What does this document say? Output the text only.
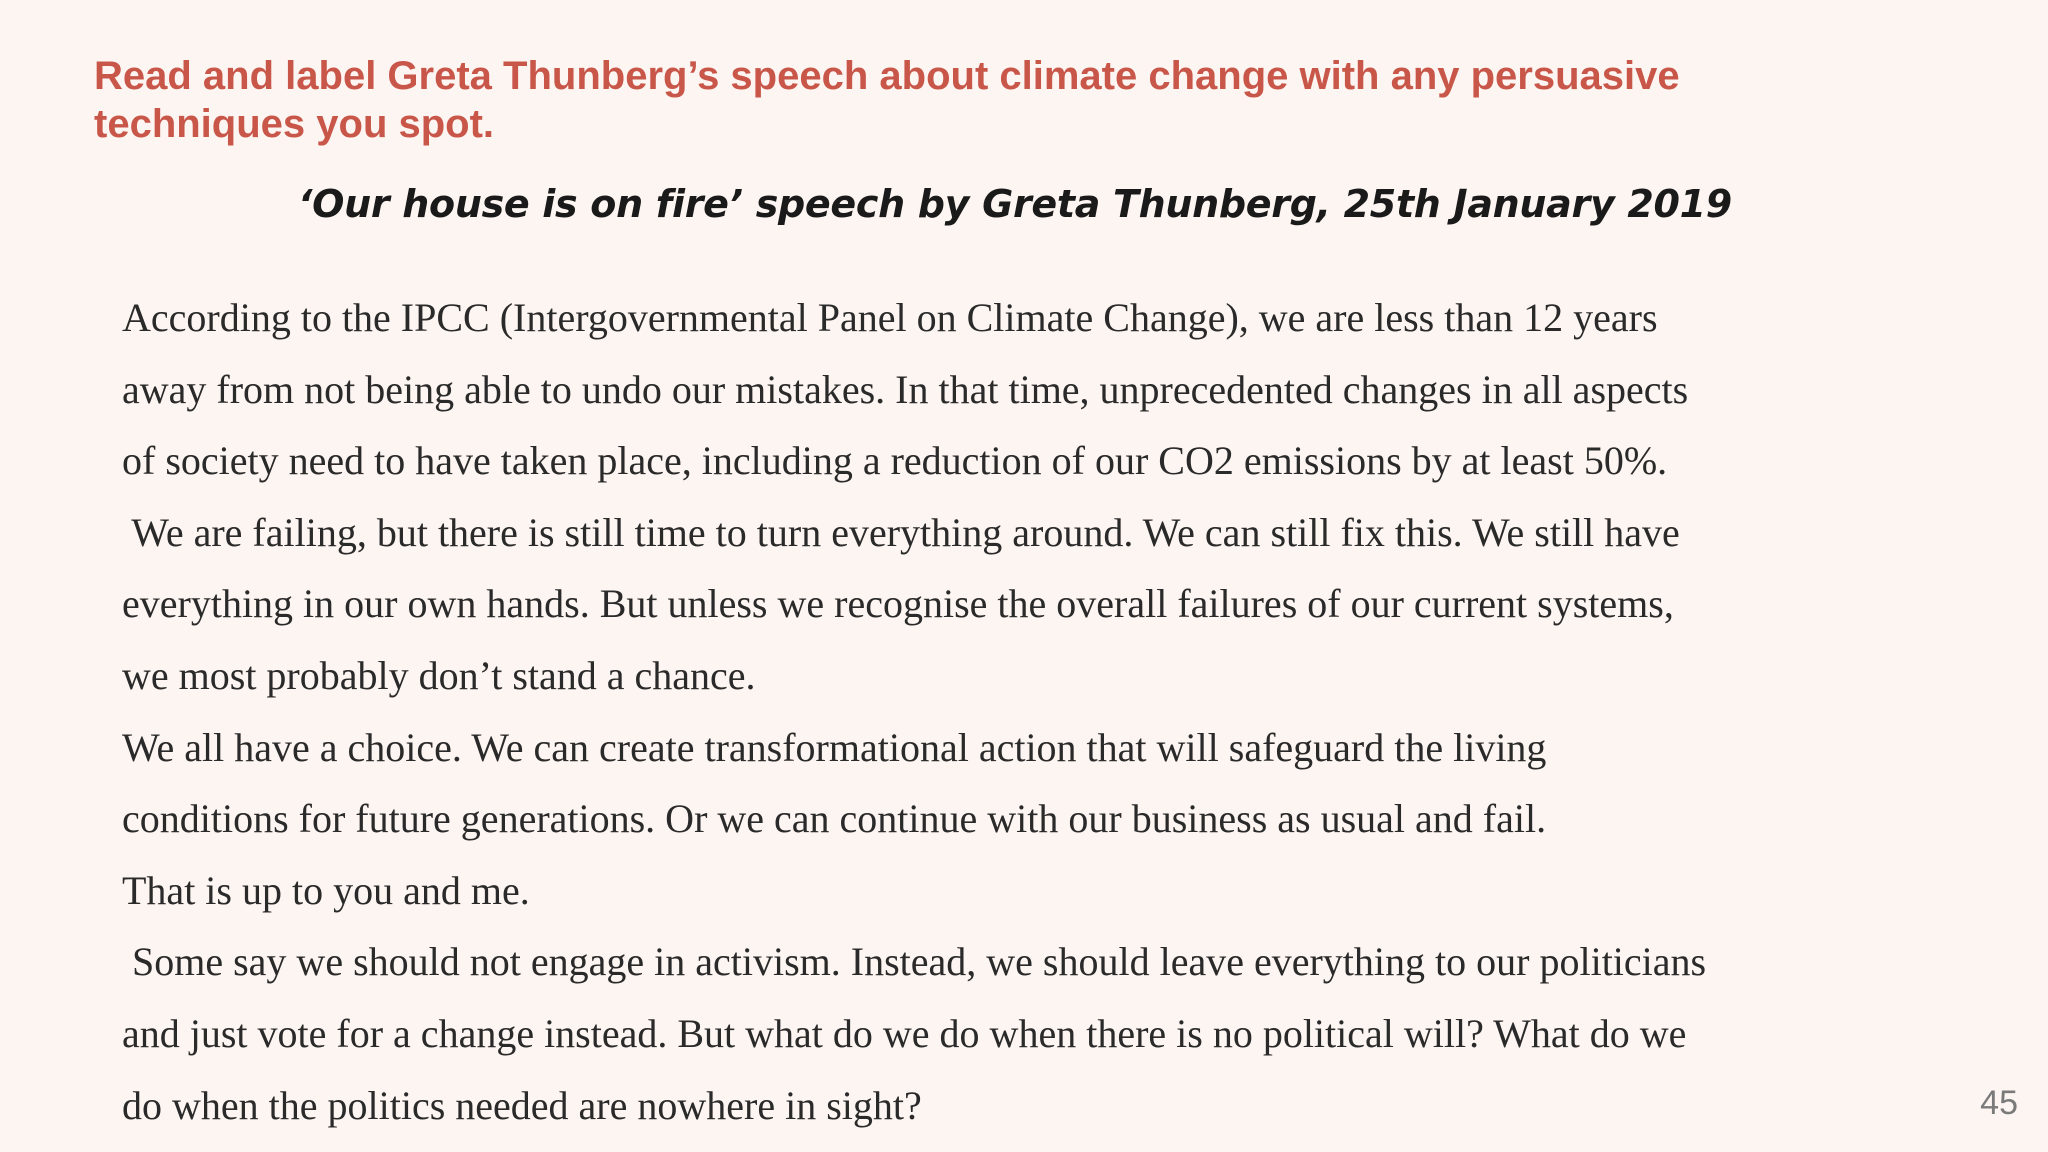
Read and label Greta Thunberg’s speech about climate change with any persuasive techniques you spot.
‘Our house is on fire’ speech by Greta Thunberg, 25th January 2019
According to the IPCC (Intergovernmental Panel on Climate Change), we are less than 12 years
away from not being able to undo our mistakes. In that time, unprecedented changes in all aspects
of society need to have taken place, including a reduction of our CO2 emissions by at least 50%.
We are failing, but there is still time to turn everything around. We can still fix this. We still have
everything in our own hands. But unless we recognise the overall failures of our current systems,
we most probably don’t stand a chance.
We all have a choice. We can create transformational action that will safeguard the living
conditions for future generations. Or we can continue with our business as usual and fail.
That is up to you and me.
Some say we should not engage in activism. Instead, we should leave everything to our politicians
and just vote for a change instead. But what do we do when there is no political will? What do we
do when the politics needed are nowhere in sight?	45
